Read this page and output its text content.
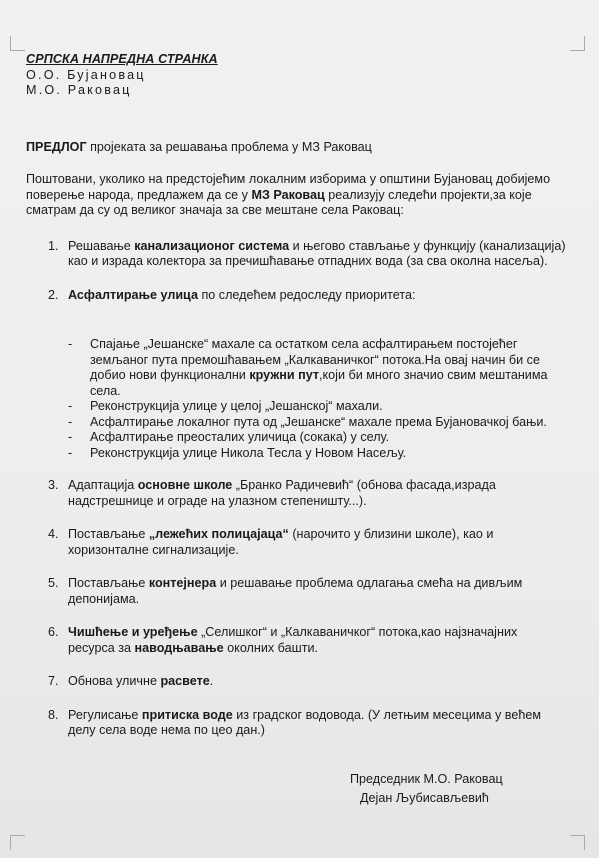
СРПСКА НАПРЕДНА СТРАНКА
О.О. Бујановац
М.О. Раковац

ПРЕДЛОГ пројеката за решавања проблема у МЗ Раковац

Поштовани, уколико на предстојећим локалним изборима у општини Бујановац добијемо поверење народа, предлажем да се у МЗ Раковац реализују следећи пројекти,за које сматрам да су од великог значаја за све мештане села Раковац:

1. Решавање канализационог система и његово стављање у функцију (канализација) као и израда колектора за пречишћавање отпадних вода (за сва околна насеља).
2. Асфалтирање улица по следећем редоследу приоритета:
- Спајање „Јешанске“ махале са остатком села асфалтирањем постојећег земљаног пута премошћавањем „Калкаваничког“ потока.На овај начин би се добио нови функционални кружни пут,који би много значио свим мештанима села.
- Реконструкција улице у целој „Јешанској“ махали.
- Асфалтирање локалног пута од „Јешанске“ махале према Бујановачкој бањи.
- Асфалтирање преосталих уличица (сокака) у селу.
- Реконструкција улице Никола Тесла у Новом Насељу.
3. Адаптација основне школе „Бранко Радичевић“ (обнова фасада,израда надстрешнице и ограде на улазном степеништу...).
4. Постављање „лежећих полицајаца“ (нарочито у близини школе), као и хоризонталне сигнализације.
5. Постављање контејнера и решавање проблема одлагања смећа на дивљим депонијама.
6. Чишћење и уређење „Селишког“ и „Калкаваничког“ потока,као најзначајних ресурса за наводњавање околних башти.
7. Обнова уличне расвете.
8. Регулисање притиска воде из градског водовода. (У летњим месецима у већем делу села воде нема по цео дан.)
Председник М.О. Раковац
Дејан Љубисављевић
